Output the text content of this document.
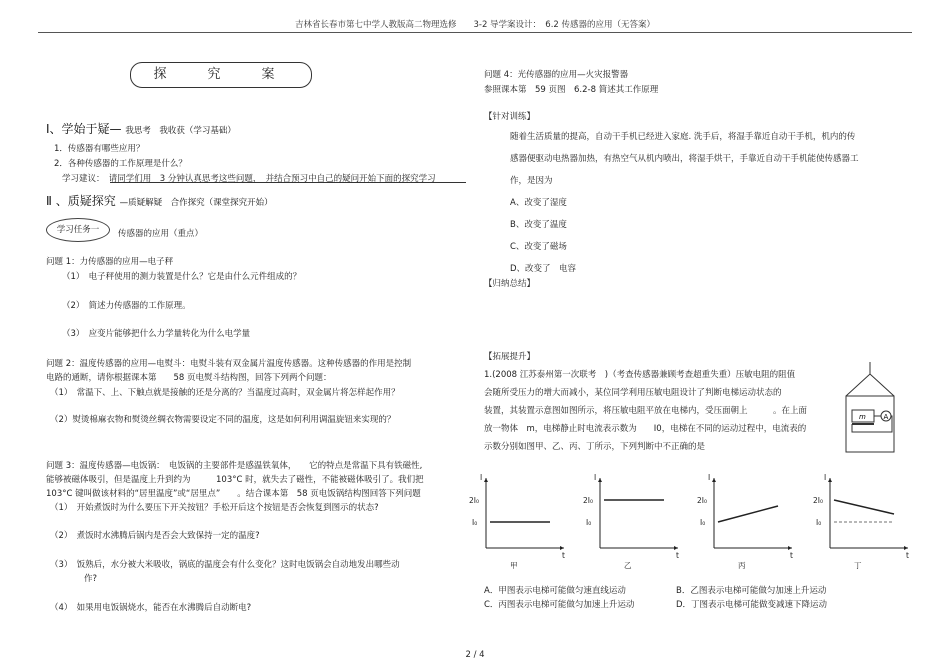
吉林省长春市第七中学人教版高二物理选修　　3-2 导学案设计：　6.2 传感器的应用（无答案）
探　究　案
Ⅰ、学始于疑— 我思考　我收获（学习基础）
1．传感器有哪些应用？
2．各种传感器的工作原理是什么？
学习建议：　请同学们用　3 分钟认真思考这些问题，　并结合预习中自己的疑问开始下面的探究学习
Ⅱ 、质疑探究 —质疑解疑　合作探究（课堂探究开始）
学习任务一	传感器的应用（重点）
问题 1：力传感器的应用—电子秤
（1）　电子秤使用的测力装置是什么？它是由什么元件组成的？
（2）　简述力传感器的工作原理。
（3）　应变片能够把什么力学量转化为什么电学量
问题 2：温度传感器的应用—电熨斗：电熨斗装有双金属片温度传感器。这种传感器的作用是控制
电路的通断，请你根据课本第　　58 页电熨斗结构图，回答下列两个问题：
（1）　常温下、上、下触点就是接触的还是分离的？当温度过高时，双金属片将怎样起作用？
（2）熨烫棉麻衣物和熨烫丝绸衣物需要设定不同的温度，这是如何利用调温旋钮来实现的？
问题 3：温度传感器—电饭锅：　电饭锅的主要部件是感温铁氧体，　　它的特点是常温下具有铁磁性,
能够被磁体吸引，但是温度上升到约为　　　103°C 时，就失去了磁性，不能被磁体吸引了。我们把
103°C 键叫做该材料的“居里温度”或“居里点”　　。结合课本第　58 页电饭锅结构图回答下列问题
（1）　开始煮饭时为什么要压下开关按钮？手松开后这个按钮是否会恢复到图示的状态?
（2）　煮饭时水沸腾后锅内是否会大致保持一定的温度?
（3）　饭熟后，水分被大米吸收，锅底的温度会有什么变化？这时电饭锅会自动地发出哪些动
　　　　作?
（4）　如果用电饭锅烧水，能否在水沸腾后自动断电?
问题 4：光传感器的应用—火灾报警器
参照课本第　59 页图　6.2-8 简述其工作原理
【针对训练】
随着生活质量的提高，自动干手机已经进入家庭. 洗手后，将湿手靠近自动干手机，机内的传
感器便驱动电热器加热，有热空气从机内喷出，将湿手烘干，手靠近自动干手机能使传感器工
作，是因为
A、改变了湿度
B、改变了温度
C、改变了磁场
D、改变了　电容
【归纳总结】
【拓展提升】
1.(2008 江苏泰州第一次联考　)（考查传感器兼顾考查超重失重）压敏电阻的阻值
会随所受压力的增大而减小，某位同学利用压敏电阻设计了判断电梯运动状态的
装置，其装置示意图如图所示，将压敏电阻平放在电梯内，受压面朝上　　　。在上面
放一物体　m，电梯静止时电流表示数为　　I0，电梯在不同的运动过程中，电流表的
示数分别如图甲、乙、丙、丁所示，下列判断中不正确的是
m	A
I
t
2I₀
I₀
甲
I
t
2I₀
I₀
乙
I
t
2I₀
I₀
丙
I
t
2I₀
I₀
丁
A．甲图表示电梯可能做匀速直线运动	B．乙图表示电梯可能做匀加速上升运动
C．丙图表示电梯可能做匀加速上升运动	D．丁图表示电梯可能做变减速下降运动
2 / 4
